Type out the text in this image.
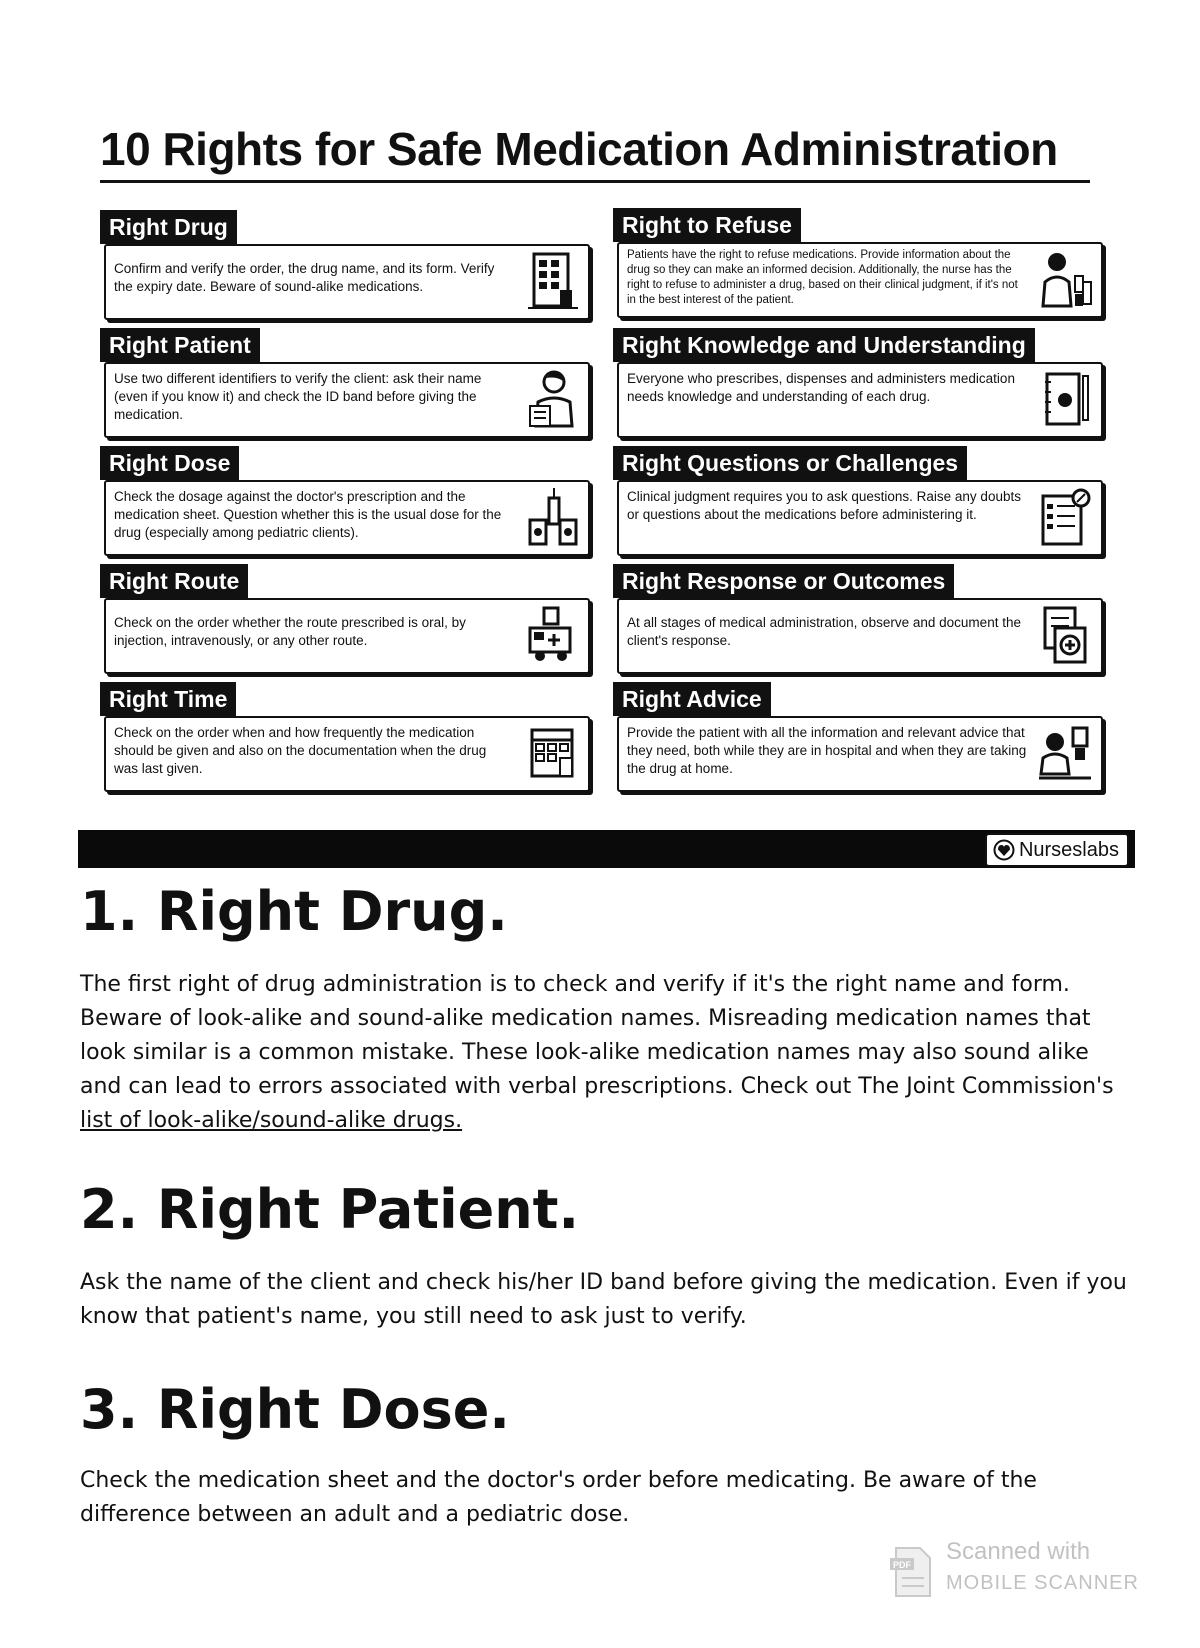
10 Rights for Safe Medication Administration
Right Drug
Confirm and verify the order, the drug name, and its form. Verify the expiry date. Beware of sound-alike medications.
Right to Refuse
Patients have the right to refuse medications. Provide information about the drug so they can make an informed decision. Additionally, the nurse has the right to refuse to administer a drug, based on their clinical judgment, if it's not in the best interest of the patient.
Right Patient
Use two different identifiers to verify the client: ask their name (even if you know it) and check the ID band before giving the medication.
Right Knowledge and Understanding
Everyone who prescribes, dispenses and administers medication needs knowledge and understanding of each drug.
Right Dose
Check the dosage against the doctor's prescription and the medication sheet. Question whether this is the usual dose for the drug (especially among pediatric clients).
Right Questions or Challenges
Clinical judgment requires you to ask questions. Raise any doubts or questions about the medications before administering it.
Right Route
Check on the order whether the route prescribed is oral, by injection, intravenously, or any other route.
Right Response or Outcomes
At all stages of medical administration, observe and document the client's response.
Right Time
Check on the order when and how frequently the medication should be given and also on the documentation when the drug was last given.
Right Advice
Provide the patient with all the information and relevant advice that they need, both while they are in hospital and when they are taking the drug at home.
Nurseslabs
1. Right Drug.
The first right of drug administration is to check and verify if it's the right name and form. Beware of look-alike and sound-alike medication names. Misreading medication names that look similar is a common mistake. These look-alike medication names may also sound alike and can lead to errors associated with verbal prescriptions. Check out The Joint Commission's list of look-alike/sound-alike drugs.
2. Right Patient.
Ask the name of the client and check his/her ID band before giving the medication. Even if you know that patient's name, you still need to ask just to verify.
3. Right Dose.
Check the medication sheet and the doctor's order before medicating. Be aware of the difference between an adult and a pediatric dose.
PDF Scanned with
MOBILE SCANNER
